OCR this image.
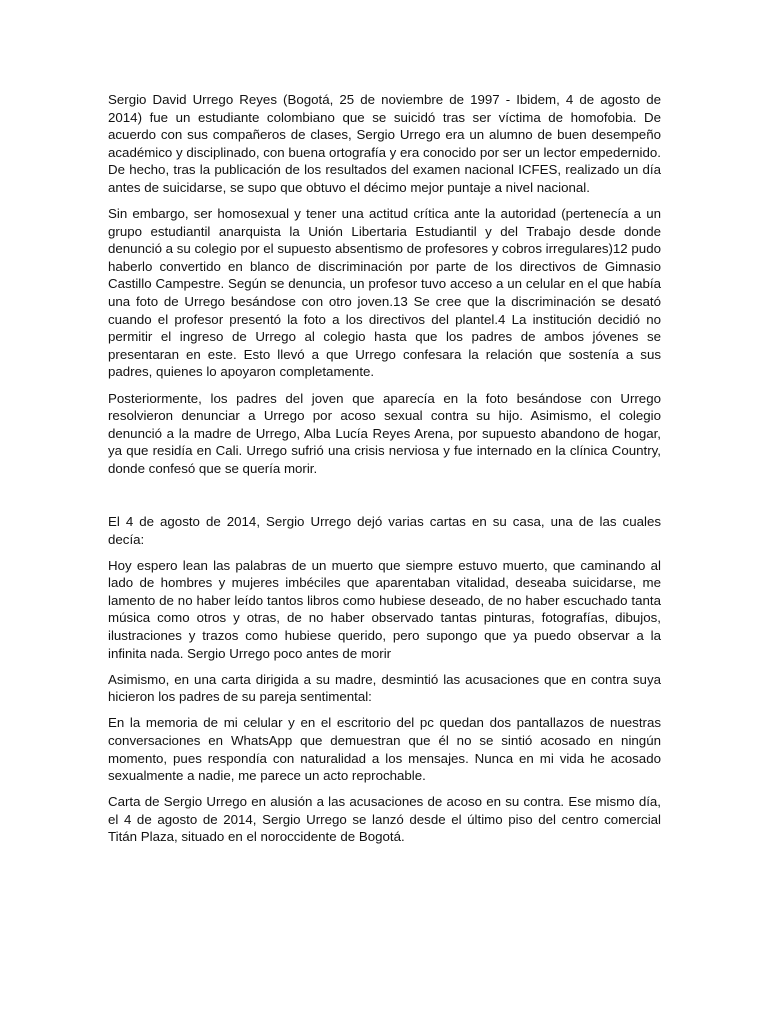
Sergio David Urrego Reyes (Bogotá, 25 de noviembre de 1997 - Ibidem, 4 de agosto de 2014) fue un estudiante colombiano que se suicidó tras ser víctima de homofobia. De acuerdo con sus compañeros de clases, Sergio Urrego era un alumno de buen desempeño académico y disciplinado, con buena ortografía y era conocido por ser un lector empedernido. De hecho, tras la publicación de los resultados del examen nacional ICFES, realizado un día antes de suicidarse, se supo que obtuvo el décimo mejor puntaje a nivel nacional.

Sin embargo, ser homosexual y tener una actitud crítica ante la autoridad (pertenecía a un grupo estudiantil anarquista la Unión Libertaria Estudiantil y del Trabajo desde donde denunció a su colegio por el supuesto absentismo de profesores y cobros irregulares)12 pudo haberlo convertido en blanco de discriminación por parte de los directivos de Gimnasio Castillo Campestre. Según se denuncia, un profesor tuvo acceso a un celular en el que había una foto de Urrego besándose con otro joven.13 Se cree que la discriminación se desató cuando el profesor presentó la foto a los directivos del plantel.4 La institución decidió no permitir el ingreso de Urrego al colegio hasta que los padres de ambos jóvenes se presentaran en este. Esto llevó a que Urrego confesara la relación que sostenía a sus padres, quienes lo apoyaron completamente.

Posteriormente, los padres del joven que aparecía en la foto besándose con Urrego resolvieron denunciar a Urrego por acoso sexual contra su hijo. Asimismo, el colegio denunció a la madre de Urrego, Alba Lucía Reyes Arena, por supuesto abandono de hogar, ya que residía en Cali. Urrego sufrió una crisis nerviosa y fue internado en la clínica Country, donde confesó que se quería morir.

El 4 de agosto de 2014, Sergio Urrego dejó varias cartas en su casa, una de las cuales decía:

Hoy espero lean las palabras de un muerto que siempre estuvo muerto, que caminando al lado de hombres y mujeres imbéciles que aparentaban vitalidad, deseaba suicidarse, me lamento de no haber leído tantos libros como hubiese deseado, de no haber escuchado tanta música como otros y otras, de no haber observado tantas pinturas, fotografías, dibujos, ilustraciones y trazos como hubiese querido, pero supongo que ya puedo observar a la infinita nada. Sergio Urrego poco antes de morir

Asimismo, en una carta dirigida a su madre, desmintió las acusaciones que en contra suya hicieron los padres de su pareja sentimental:

En la memoria de mi celular y en el escritorio del pc quedan dos pantallazos de nuestras conversaciones en WhatsApp que demuestran que él no se sintió acosado en ningún momento, pues respondía con naturalidad a los mensajes. Nunca en mi vida he acosado sexualmente a nadie, me parece un acto reprochable.

Carta de Sergio Urrego en alusión a las acusaciones de acoso en su contra. Ese mismo día, el 4 de agosto de 2014, Sergio Urrego se lanzó desde el último piso del centro comercial Titán Plaza, situado en el noroccidente de Bogotá.
